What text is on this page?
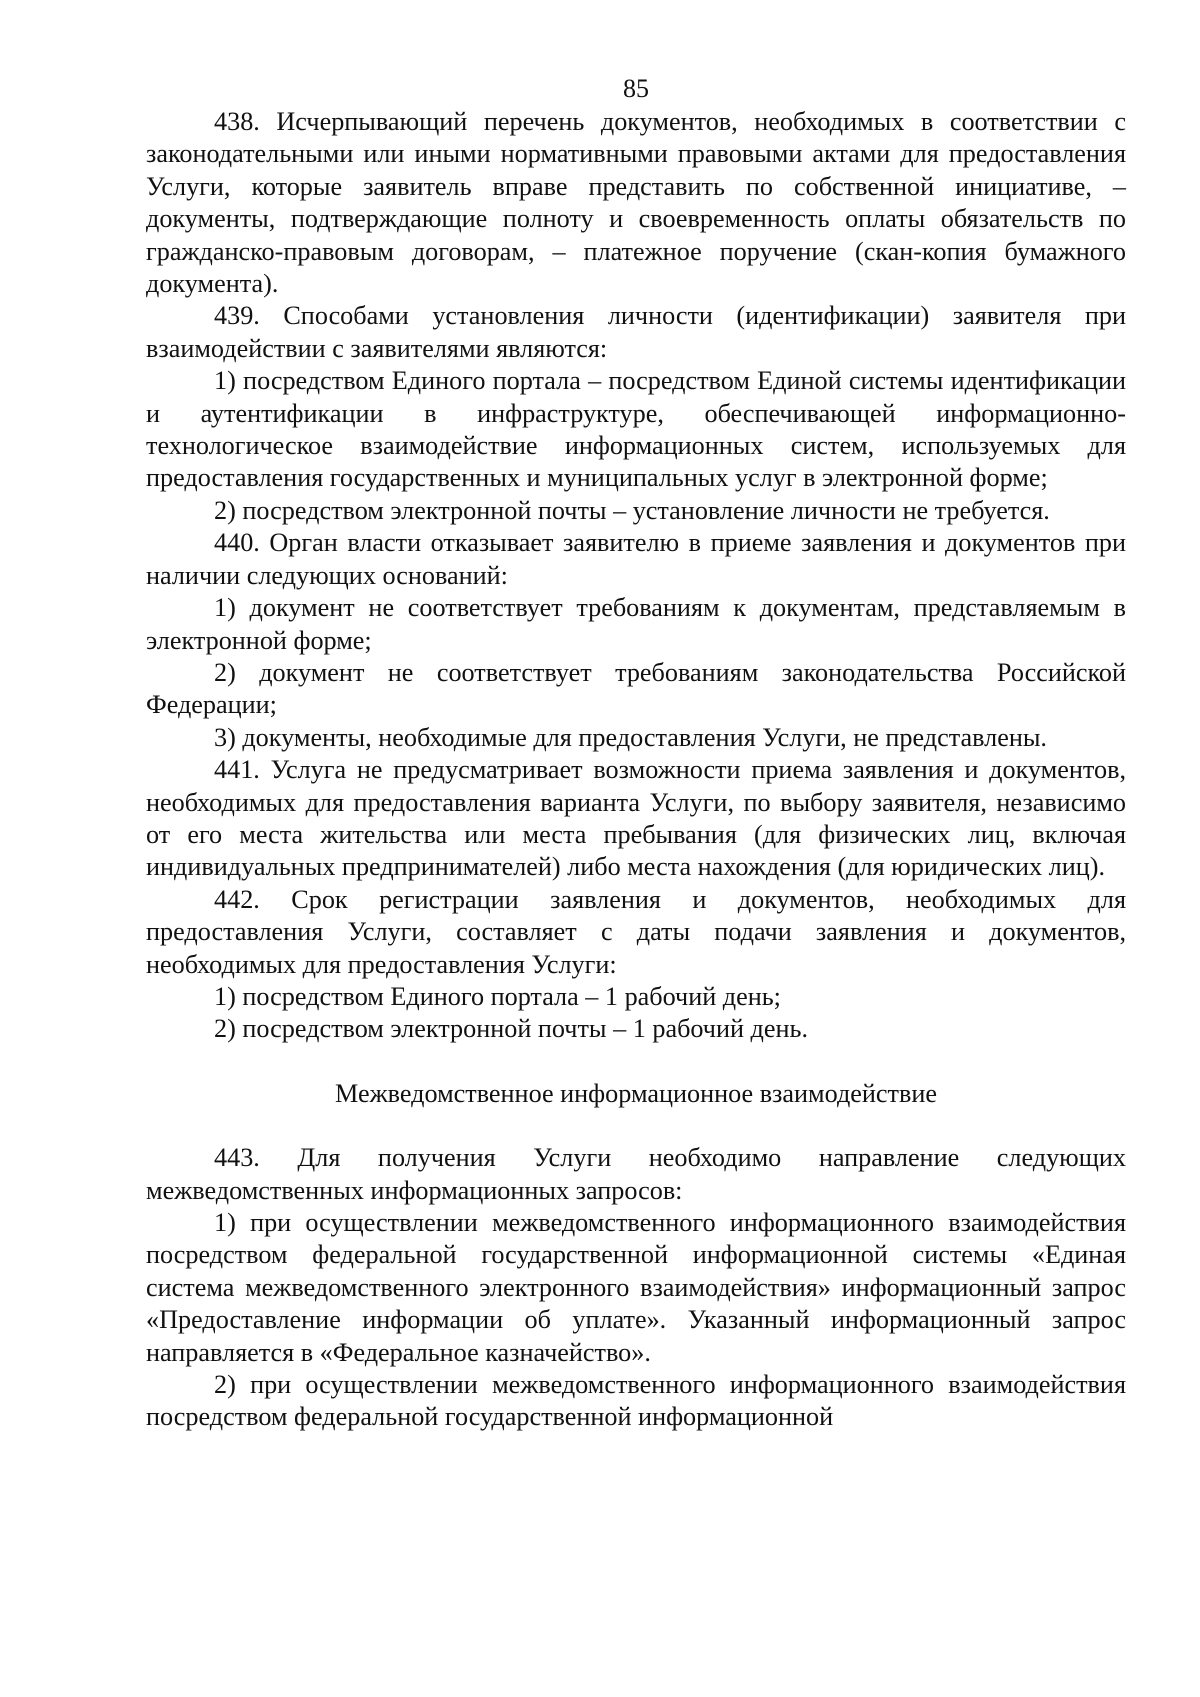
85

438. Исчерпывающий перечень документов, необходимых в соответствии с законодательными или иными нормативными правовыми актами для предоставления Услуги, которые заявитель вправе представить по собственной инициативе, – документы, подтверждающие полноту и своевременность оплаты обязательств по гражданско-правовым договорам, – платежное поручение (скан-копия бумажного документа).

439. Способами установления личности (идентификации) заявителя при взаимодействии с заявителями являются:

1) посредством Единого портала – посредством Единой системы идентификации и аутентификации в инфраструктуре, обеспечивающей информационно-технологическое взаимодействие информационных систем, используемых для предоставления государственных и муниципальных услуг в электронной форме;

2) посредством электронной почты – установление личности не требуется.

440. Орган власти отказывает заявителю в приеме заявления и документов при наличии следующих оснований:

1) документ не соответствует требованиям к документам, представляемым в электронной форме;

2) документ не соответствует требованиям законодательства Российской Федерации;

3) документы, необходимые для предоставления Услуги, не представлены.

441. Услуга не предусматривает возможности приема заявления и документов, необходимых для предоставления варианта Услуги, по выбору заявителя, независимо от его места жительства или места пребывания (для физических лиц, включая индивидуальных предпринимателей) либо места нахождения (для юридических лиц).

442. Срок регистрации заявления и документов, необходимых для предоставления Услуги, составляет с даты подачи заявления и документов, необходимых для предоставления Услуги:

1) посредством Единого портала – 1 рабочий день;

2) посредством электронной почты – 1 рабочий день.

Межведомственное информационное взаимодействие

443. Для получения Услуги необходимо направление следующих межведомственных информационных запросов:

1) при осуществлении межведомственного информационного взаимодействия посредством федеральной государственной информационной системы «Единая система межведомственного электронного взаимодействия» информационный запрос «Предоставление информации об уплате». Указанный информационный запрос направляется в «Федеральное казначейство».

2) при осуществлении межведомственного информационного взаимодействия посредством федеральной государственной информационной
